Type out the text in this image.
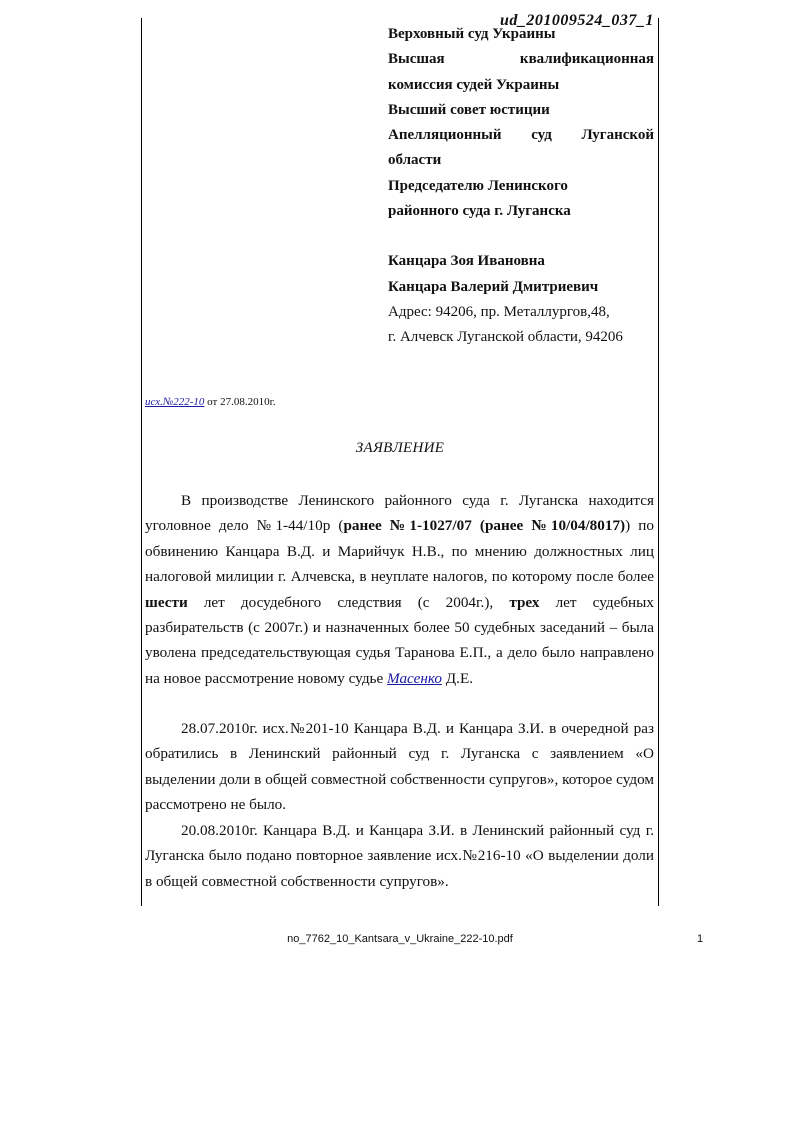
ud_201009524_037_1
Верховный суд Украины
Высшая квалификационная
комиссия судей Украины
Высший совет юстиции
Апелляционный суд Луганской
области
Председателю Ленинского
районного суда г. Луганска
Канцара Зоя Ивановна
Канцара Валерий Дмитриевич
Адрес: 94206, пр. Металлургов,48,
г. Алчевск Луганской области, 94206
исх.№222-10 от 27.08.2010г.
ЗАЯВЛЕНИЕ

В производстве Ленинского районного суда г. Луганска находится уголовное дело №1-44/10р (ранее №1-1027/07 (ранее №10/04/8017)) по обвинению Канцара В.Д. и Марийчук Н.В., по мнению должностных лиц налоговой милиции г. Алчевска, в неуплате налогов, по которому после более шести лет досудебного следствия (с 2004г.), трех лет судебных разбирательств (с 2007г.) и назначенных более 50 судебных заседаний – была уволена председательствующая судья Таранова Е.П., а дело было направлено на новое рассмотрение новому судье Масенко Д.Е.

28.07.2010г. исх.№201-10 Канцара В.Д. и Канцара З.И. в очередной раз обратились в Ленинский районный суд г. Луганска с заявлением «О выделении доли в общей совместной собственности супругов», которое судом рассмотрено не было.

20.08.2010г. Канцара В.Д. и Канцара З.И. в Ленинский районный суд г. Луганска было подано повторное заявление исх.№216-10 «О выделении доли в общей совместной собственности супругов».

no_7762_10_Kantsara_v_Ukraine_222-10.pdf	1
